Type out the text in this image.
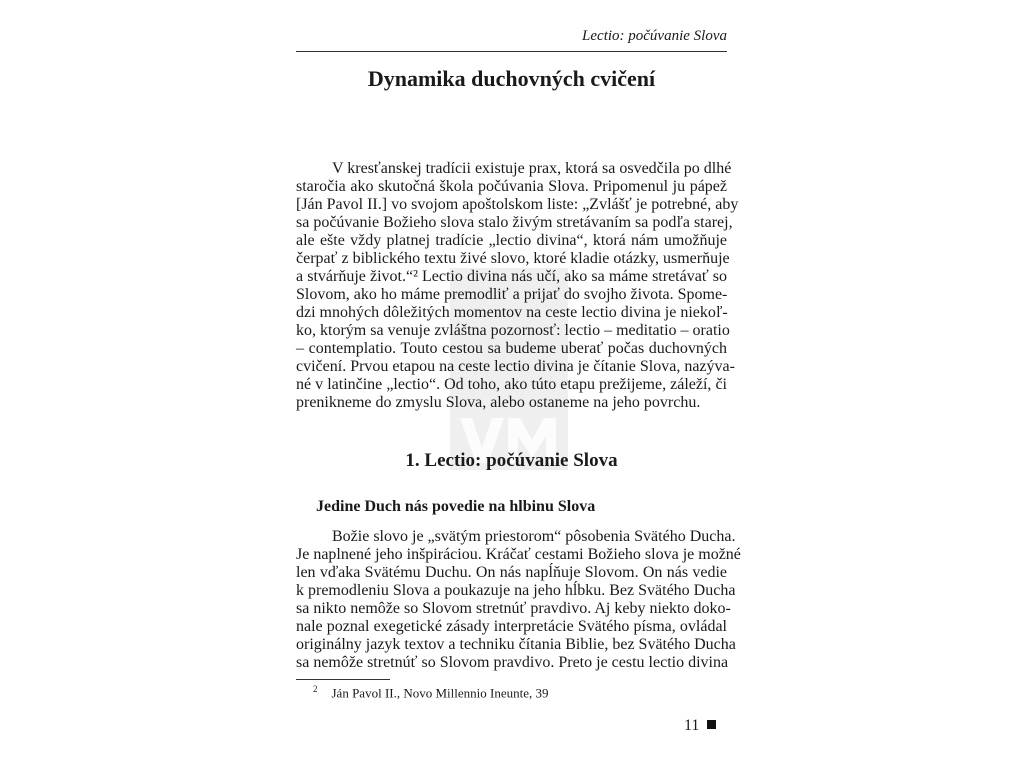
Lectio: počúvanie Slova
Dynamika duchovných cvičení
V kresťanskej tradícii existuje prax, ktorá sa osvedčila po dlhé
staročia ako skutočná škola počúvania Slova. Pripomenul ju pápež
[Ján Pavol II.] vo svojom apoštolskom liste: „Zvlášť je potrebné, aby
sa počúvanie Božieho slova stalo živým stretávaním sa podľa starej,
ale ešte vždy platnej tradície „lectio divina“, ktorá nám umožňuje
čerpať z biblického textu živé slovo, ktoré kladie otázky, usmerňuje
a stvárňuje život.“² Lectio divina nás učí, ako sa máme stretávať so
Slovom, ako ho máme premodliť a prijať do svojho života. Spome-
dzi mnohých dôležitých momentov na ceste lectio divina je niekoľ-
ko, ktorým sa venuje zvláštna pozornosť: lectio – meditatio – oratio
– contemplatio. Touto cestou sa budeme uberať počas duchovných
cvičení. Prvou etapou na ceste lectio divina je čítanie Slova, nazýva-
né v latinčine „lectio“. Od toho, ako túto etapu prežijeme, záleží, či
prenikneme do zmyslu Slova, alebo ostaneme na jeho povrchu.
1. Lectio: počúvanie Slova
Jedine Duch nás povedie na hlbinu Slova
Božie slovo je „svätým priestorom“ pôsobenia Svätého Ducha.
Je naplnené jeho inšpiráciou. Kráčať cestami Božieho slova je možné
len vďaka Svätému Duchu. On nás napĺňuje Slovom. On nás vedie
k premodleniu Slova a poukazuje na jeho hĺbku. Bez Svätého Ducha
sa nikto nemôže so Slovom stretnúť pravdivo. Aj keby niekto doko-
nale poznal exegetické zásady interpretácie Svätého písma, ovládal
originálny jazyk textov a techniku čítania Biblie, bez Svätého Ducha
sa nemôže stretnúť so Slovom pravdivo. Preto je cestu lectio divina
$^2$ Ján Pavol II., Novo Millennio Ineunte, 39
11
